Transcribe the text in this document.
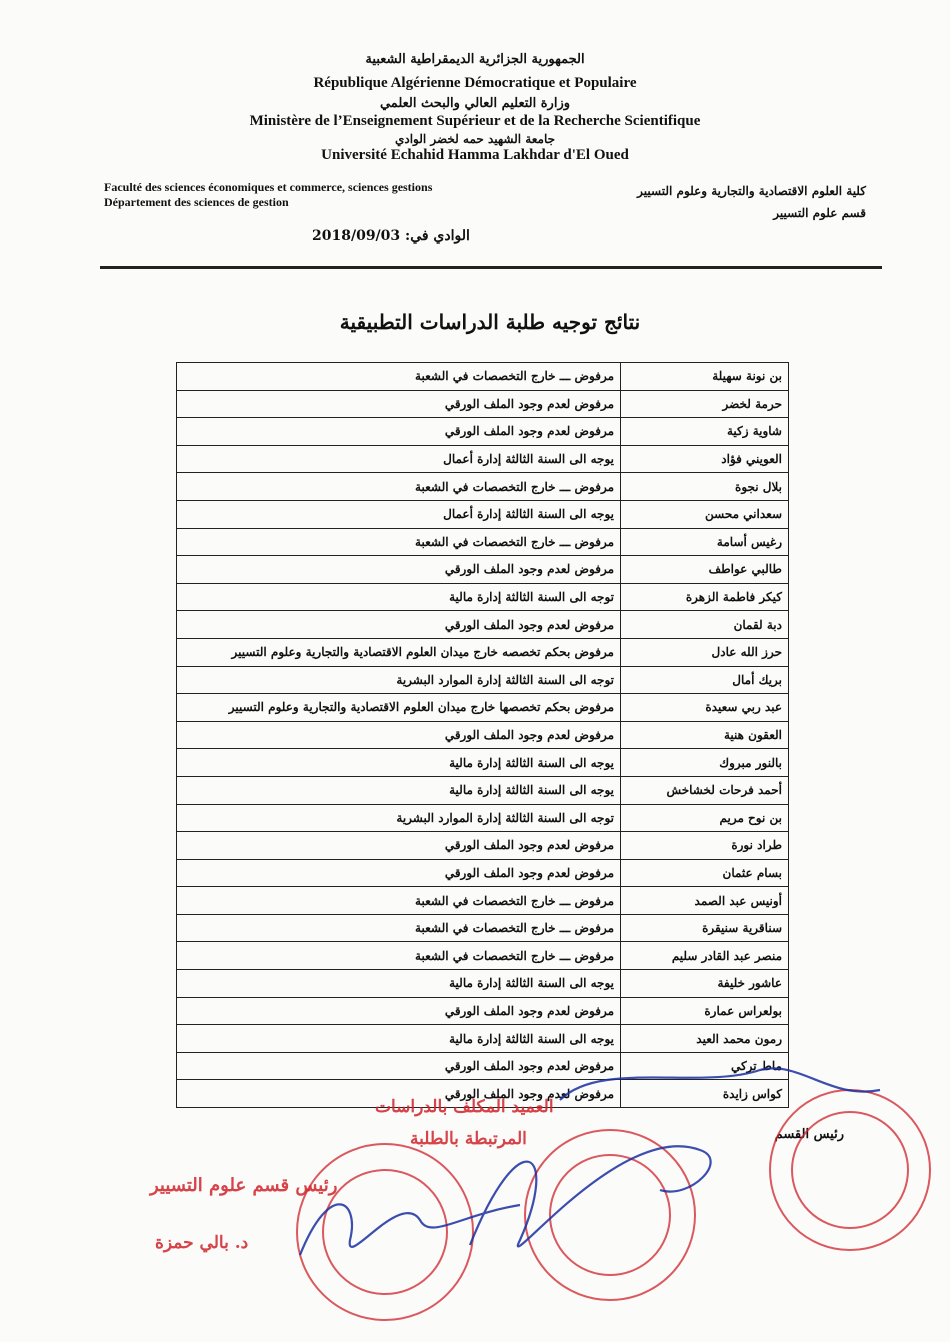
الجمهورية الجزائرية الديمقراطية الشعبية
République Algérienne Démocratique et Populaire
وزارة التعليم العالي والبحث العلمي
Ministère de l’Enseignement Supérieur et de la Recherche Scientifique
جامعة الشهيد حمه لخضر الوادي
Université Echahid Hamma Lakhdar d'El Oued
Faculté des sciences économiques et commerce, sciences gestions
Département des sciences de gestion
كلية العلوم الاقتصادية والتجارية وعلوم التسيير
قسم علوم التسيير
الوادي في: 2018/09/03
نتائج توجيه طلبة الدراسات التطبيقية
بن نونة سهيلة	مرفوض ـــ خارج التخصصات في الشعبة
حرمة لخضر	مرفوض لعدم وجود الملف الورقي
شاوية زكية	مرفوض لعدم وجود الملف الورقي
العويني فؤاد	يوجه الى السنة الثالثة إدارة أعمال
بلال نجوة	مرفوض ـــ خارج التخصصات في الشعبة
سعداني محسن	يوجه الى السنة الثالثة إدارة أعمال
رغيس أسامة	مرفوض ـــ خارج التخصصات في الشعبة
طالبي عواطف	مرفوض لعدم وجود الملف الورقي
كيكر فاطمة الزهرة	توجه الى السنة الثالثة إدارة مالية
دبة لقمان	مرفوض لعدم وجود الملف الورقي
حرز الله عادل	مرفوض بحكم تخصصه خارج ميدان العلوم الاقتصادية والتجارية وعلوم التسيير
بريك أمال	توجه الى السنة الثالثة إدارة الموارد البشرية
عبد ربي سعيدة	مرفوض بحكم تخصصها خارج ميدان العلوم الاقتصادية والتجارية وعلوم التسيير
العقون هنية	مرفوض لعدم وجود الملف الورقي
بالنور مبروك	يوجه الى السنة الثالثة إدارة مالية
أحمد فرحات لخشاخش	يوجه الى السنة الثالثة إدارة مالية
بن نوح مريم	توجه الى السنة الثالثة إدارة الموارد البشرية
طراد نورة	مرفوض لعدم وجود الملف الورقي
بسام عثمان	مرفوض لعدم وجود الملف الورقي
أونيس عبد الصمد	مرفوض ـــ خارج التخصصات في الشعبة
سناقرية سنيقرة	مرفوض ـــ خارج التخصصات في الشعبة
منصر عبد القادر سليم	مرفوض ـــ خارج التخصصات في الشعبة
عاشور خليفة	يوجه الى السنة الثالثة إدارة مالية
بولعراس عمارة	مرفوض لعدم وجود الملف الورقي
رمون محمد العيد	يوجه الى السنة الثالثة إدارة مالية
ماط تركي	مرفوض لعدم وجود الملف الورقي
كواس زايدة	مرفوض لعدم وجود الملف الورقي
رئيس القسم
العميد المكلف بالدراسات
المرتبطة بالطلبة
رئيس قسم علوم التسيير
د. بالي حمزة
